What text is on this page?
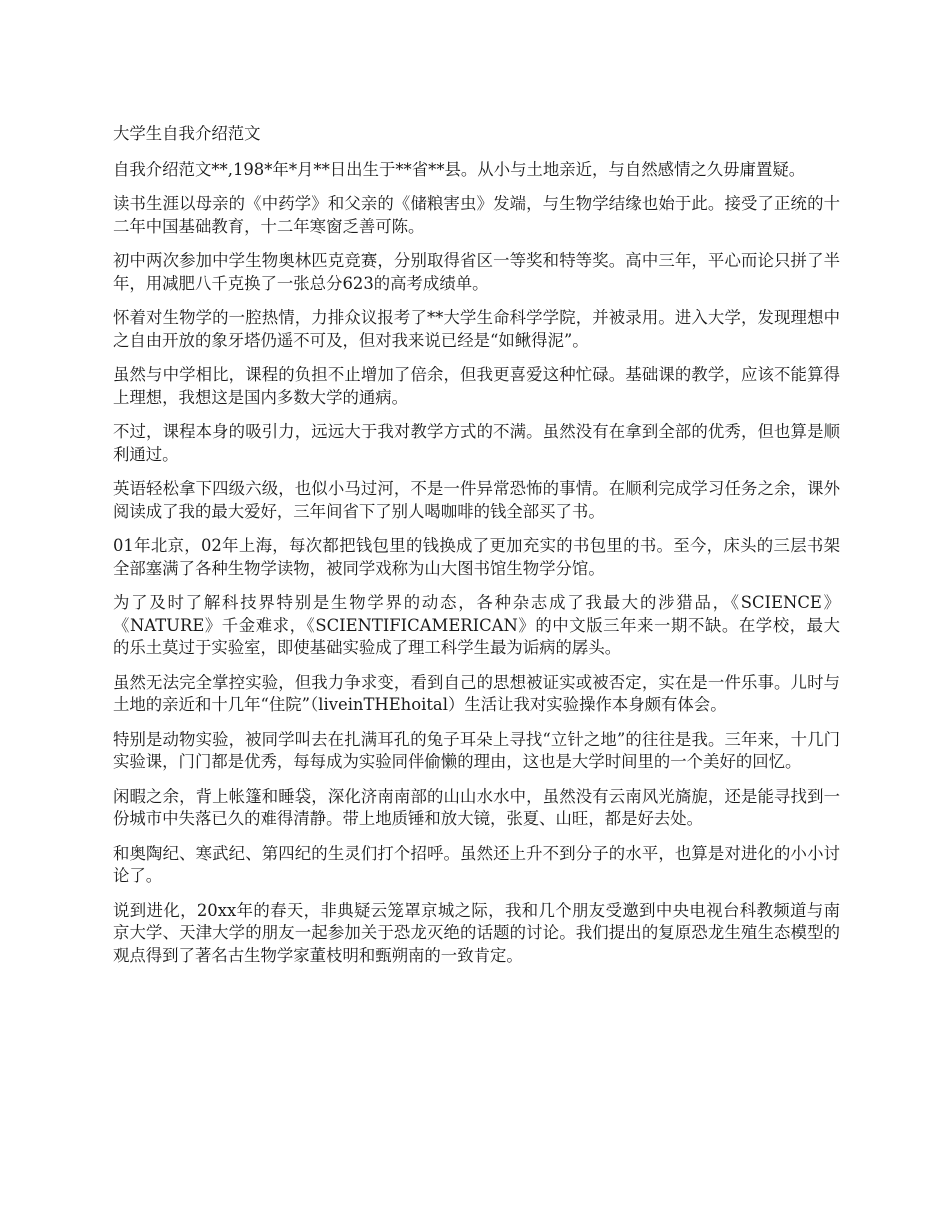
大学生自我介绍范文

自我介绍范文**,198*年*月**日出生于**省**县。从小与土地亲近，与自然感情之久毋庸置疑。

读书生涯以母亲的《中药学》和父亲的《储粮害虫》发端，与生物学结缘也始于此。接受了正统的十二年中国基础教育，十二年寒窗乏善可陈。

初中两次参加中学生物奥林匹克竞赛，分别取得省区一等奖和特等奖。高中三年，平心而论只拼了半年，用减肥八千克换了一张总分623的高考成绩单。

怀着对生物学的一腔热情，力排众议报考了**大学生命科学学院，并被录用。进入大学，发现理想中之自由开放的象牙塔仍遥不可及，但对我来说已经是“如鳅得泥”。

虽然与中学相比，课程的负担不止增加了倍余，但我更喜爱这种忙碌。基础课的教学，应该不能算得上理想，我想这是国内多数大学的通病。

不过，课程本身的吸引力，远远大于我对教学方式的不满。虽然没有在拿到全部的优秀，但也算是顺利通过。

英语轻松拿下四级六级，也似小马过河，不是一件异常恐怖的事情。在顺利完成学习任务之余，课外阅读成了我的最大爱好，三年间省下了别人喝咖啡的钱全部买了书。

01年北京，02年上海，每次都把钱包里的钱换成了更加充实的书包里的书。至今，床头的三层书架全部塞满了各种生物学读物，被同学戏称为山大图书馆生物学分馆。

为了及时了解科技界特别是生物学界的动态，各种杂志成了我最大的涉猎品，《SCIENCE》《NATURE》千金难求，《SCIENTIFICAMERICAN》的中文版三年来一期不缺。在学校，最大的乐土莫过于实验室，即使基础实验成了理工科学生最为诟病的孱头。

虽然无法完全掌控实验，但我力争求变，看到自己的思想被证实或被否定，实在是一件乐事。儿时与土地的亲近和十几年“住院”（liveinTHEhoital）生活让我对实验操作本身颇有体会。

特别是动物实验，被同学叫去在扎满耳孔的兔子耳朵上寻找“立针之地”的往往是我。三年来，十几门实验课，门门都是优秀，每每成为实验同伴偷懒的理由，这也是大学时间里的一个美好的回忆。

闲暇之余，背上帐篷和睡袋，深化济南南部的山山水水中，虽然没有云南风光旖旎，还是能寻找到一份城市中失落已久的难得清静。带上地质锤和放大镜，张夏、山旺，都是好去处。

和奥陶纪、寒武纪、第四纪的生灵们打个招呼。虽然还上升不到分子的水平，也算是对进化的小小讨论了。

说到进化，20xx年的春天，非典疑云笼罩京城之际，我和几个朋友受邀到中央电视台科教频道与南京大学、天津大学的朋友一起参加关于恐龙灭绝的话题的讨论。我们提出的复原恐龙生殖生态模型的观点得到了著名古生物学家董枝明和甄朔南的一致肯定。
